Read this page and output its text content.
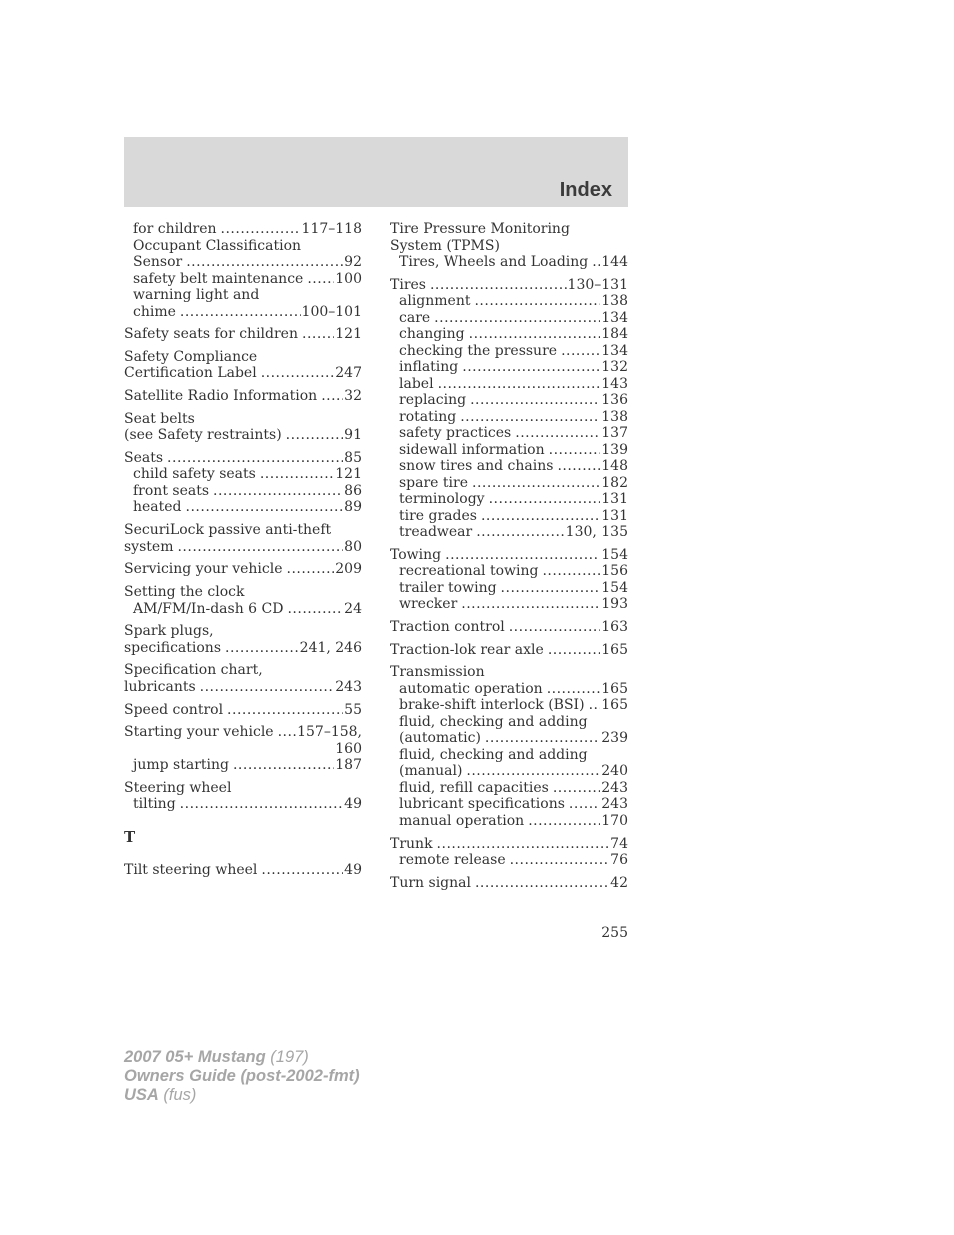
Index
for children .....	117–118
Occupant Classification
Sensor .....	92
safety belt maintenance ..... 100
warning light and
chime .....	100–101
Safety seats for children .....	121
Safety Compliance
Certification Label .....	247
Satellite Radio Information ..... 32
Seat belts
(see Safety restraints) .....	91
Seats .....	85
child safety seats .....	121
front seats .....	86
heated .....	89
SecuriLock passive anti-theft
system .....	80
Servicing your vehicle .....	209
Setting the clock
AM/FM/In-dash 6 CD .....	24
Spark plugs,
specifications .....	241, 246
Specification chart,
lubricants .....	243
Speed control .....	55
Starting your vehicle ..... 157–158,
160
jump starting .....	187
Steering wheel
tilting .....	49
T
Tilt steering wheel .....	49
Tire Pressure Monitoring
System (TPMS)
Tires, Wheels and Loading ..... 144
Tires .....	130–131
alignment .....	138
care .....	134
changing .....	184
checking the pressure .....	134
inflating .....	132
label .....	143
replacing .....	136
rotating .....	138
safety practices .....	137
sidewall information .....	139
snow tires and chains .....	148
spare tire .....	182
terminology .....	131
tire grades .....	131
treadwear .....	130, 135
Towing .....	154
recreational towing .....	156
trailer towing .....	154
wrecker .....	193
Traction control .....	163
Traction-lok rear axle .....	165
Transmission
automatic operation .....	165
brake-shift interlock (BSI) ..... 165
fluid, checking and adding
(automatic) .....	239
fluid, checking and adding
(manual) .....	240
fluid, refill capacities .....	243
lubricant specifications .....	243
manual operation .....	170
Trunk .....	74
remote release .....	76
Turn signal .....	42
255
2007 05+ Mustang (197)
Owners Guide (post-2002-fmt)
USA (fus)
